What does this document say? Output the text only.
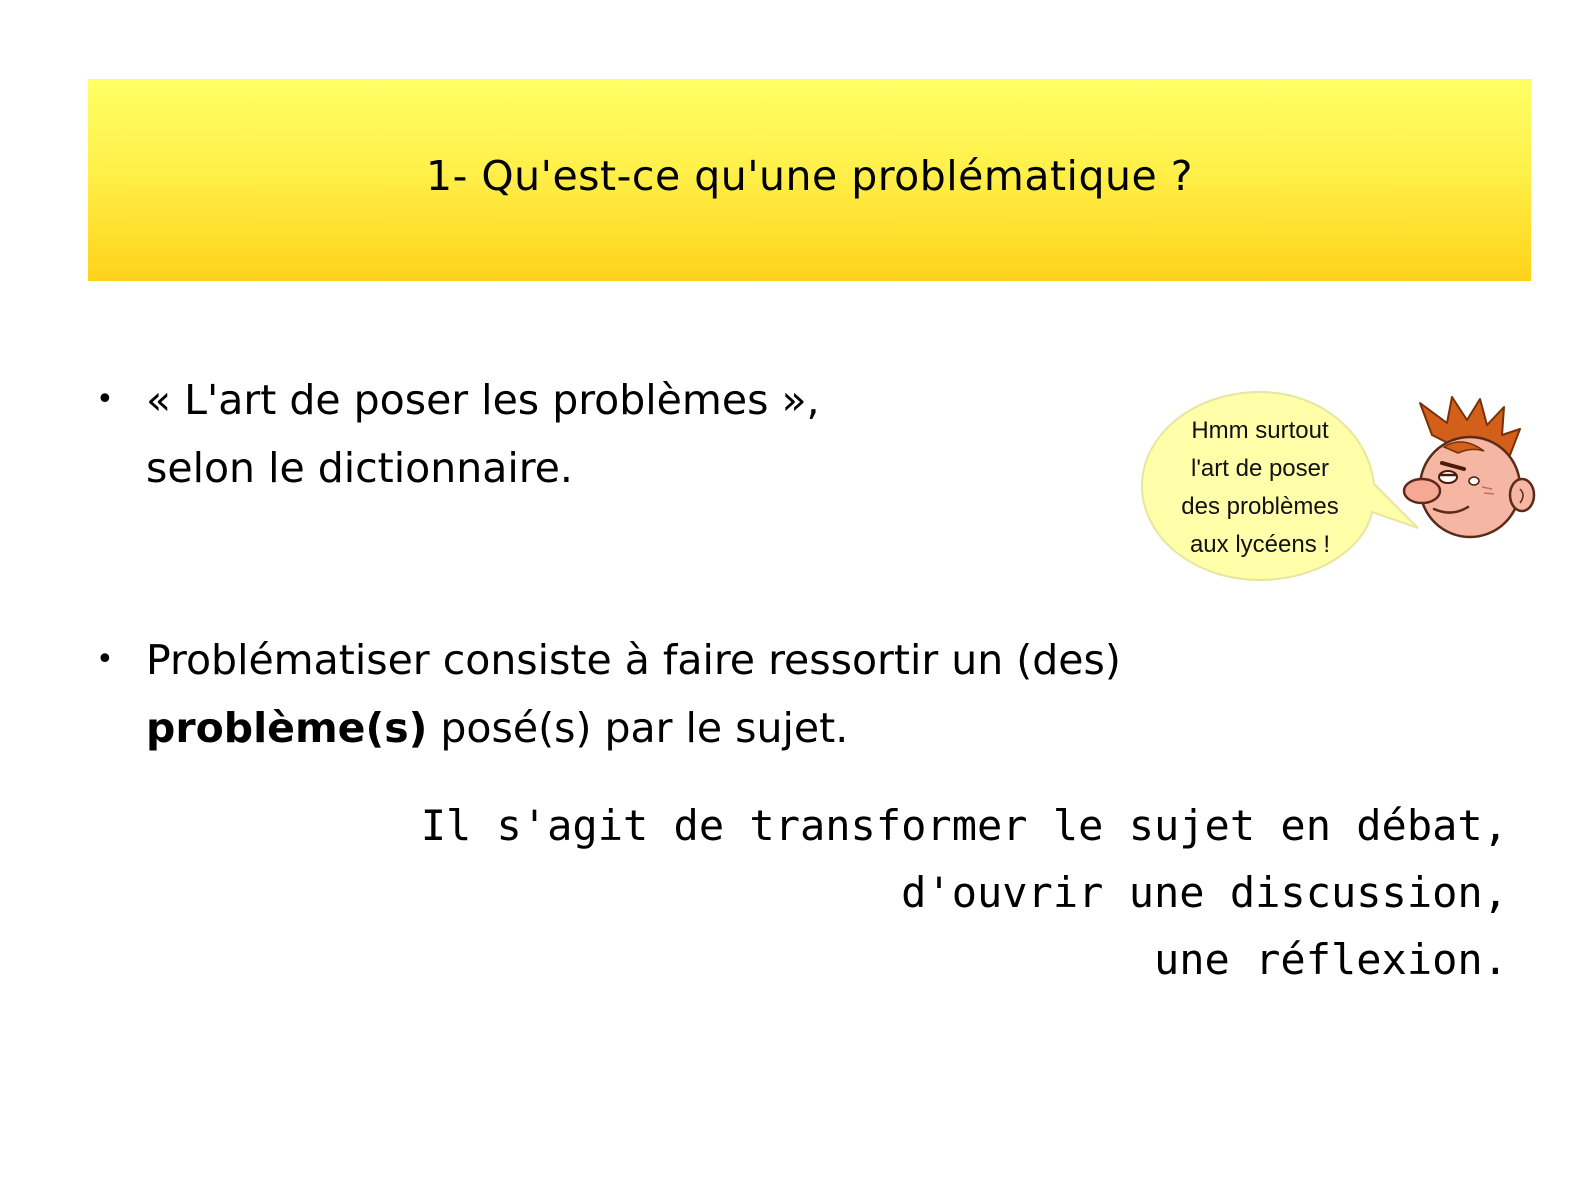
1- Qu'est-ce qu'une problématique ?
• « L'art de poser les problèmes »,
selon le dictionnaire.
• Problématiser consiste à faire ressortir un (des)
problème(s) posé(s) par le sujet.
Il s'agit de transformer le sujet en débat,
d'ouvrir une discussion,
une réflexion.
Hmm surtout
l'art de poser
des problèmes
aux lycéens !
